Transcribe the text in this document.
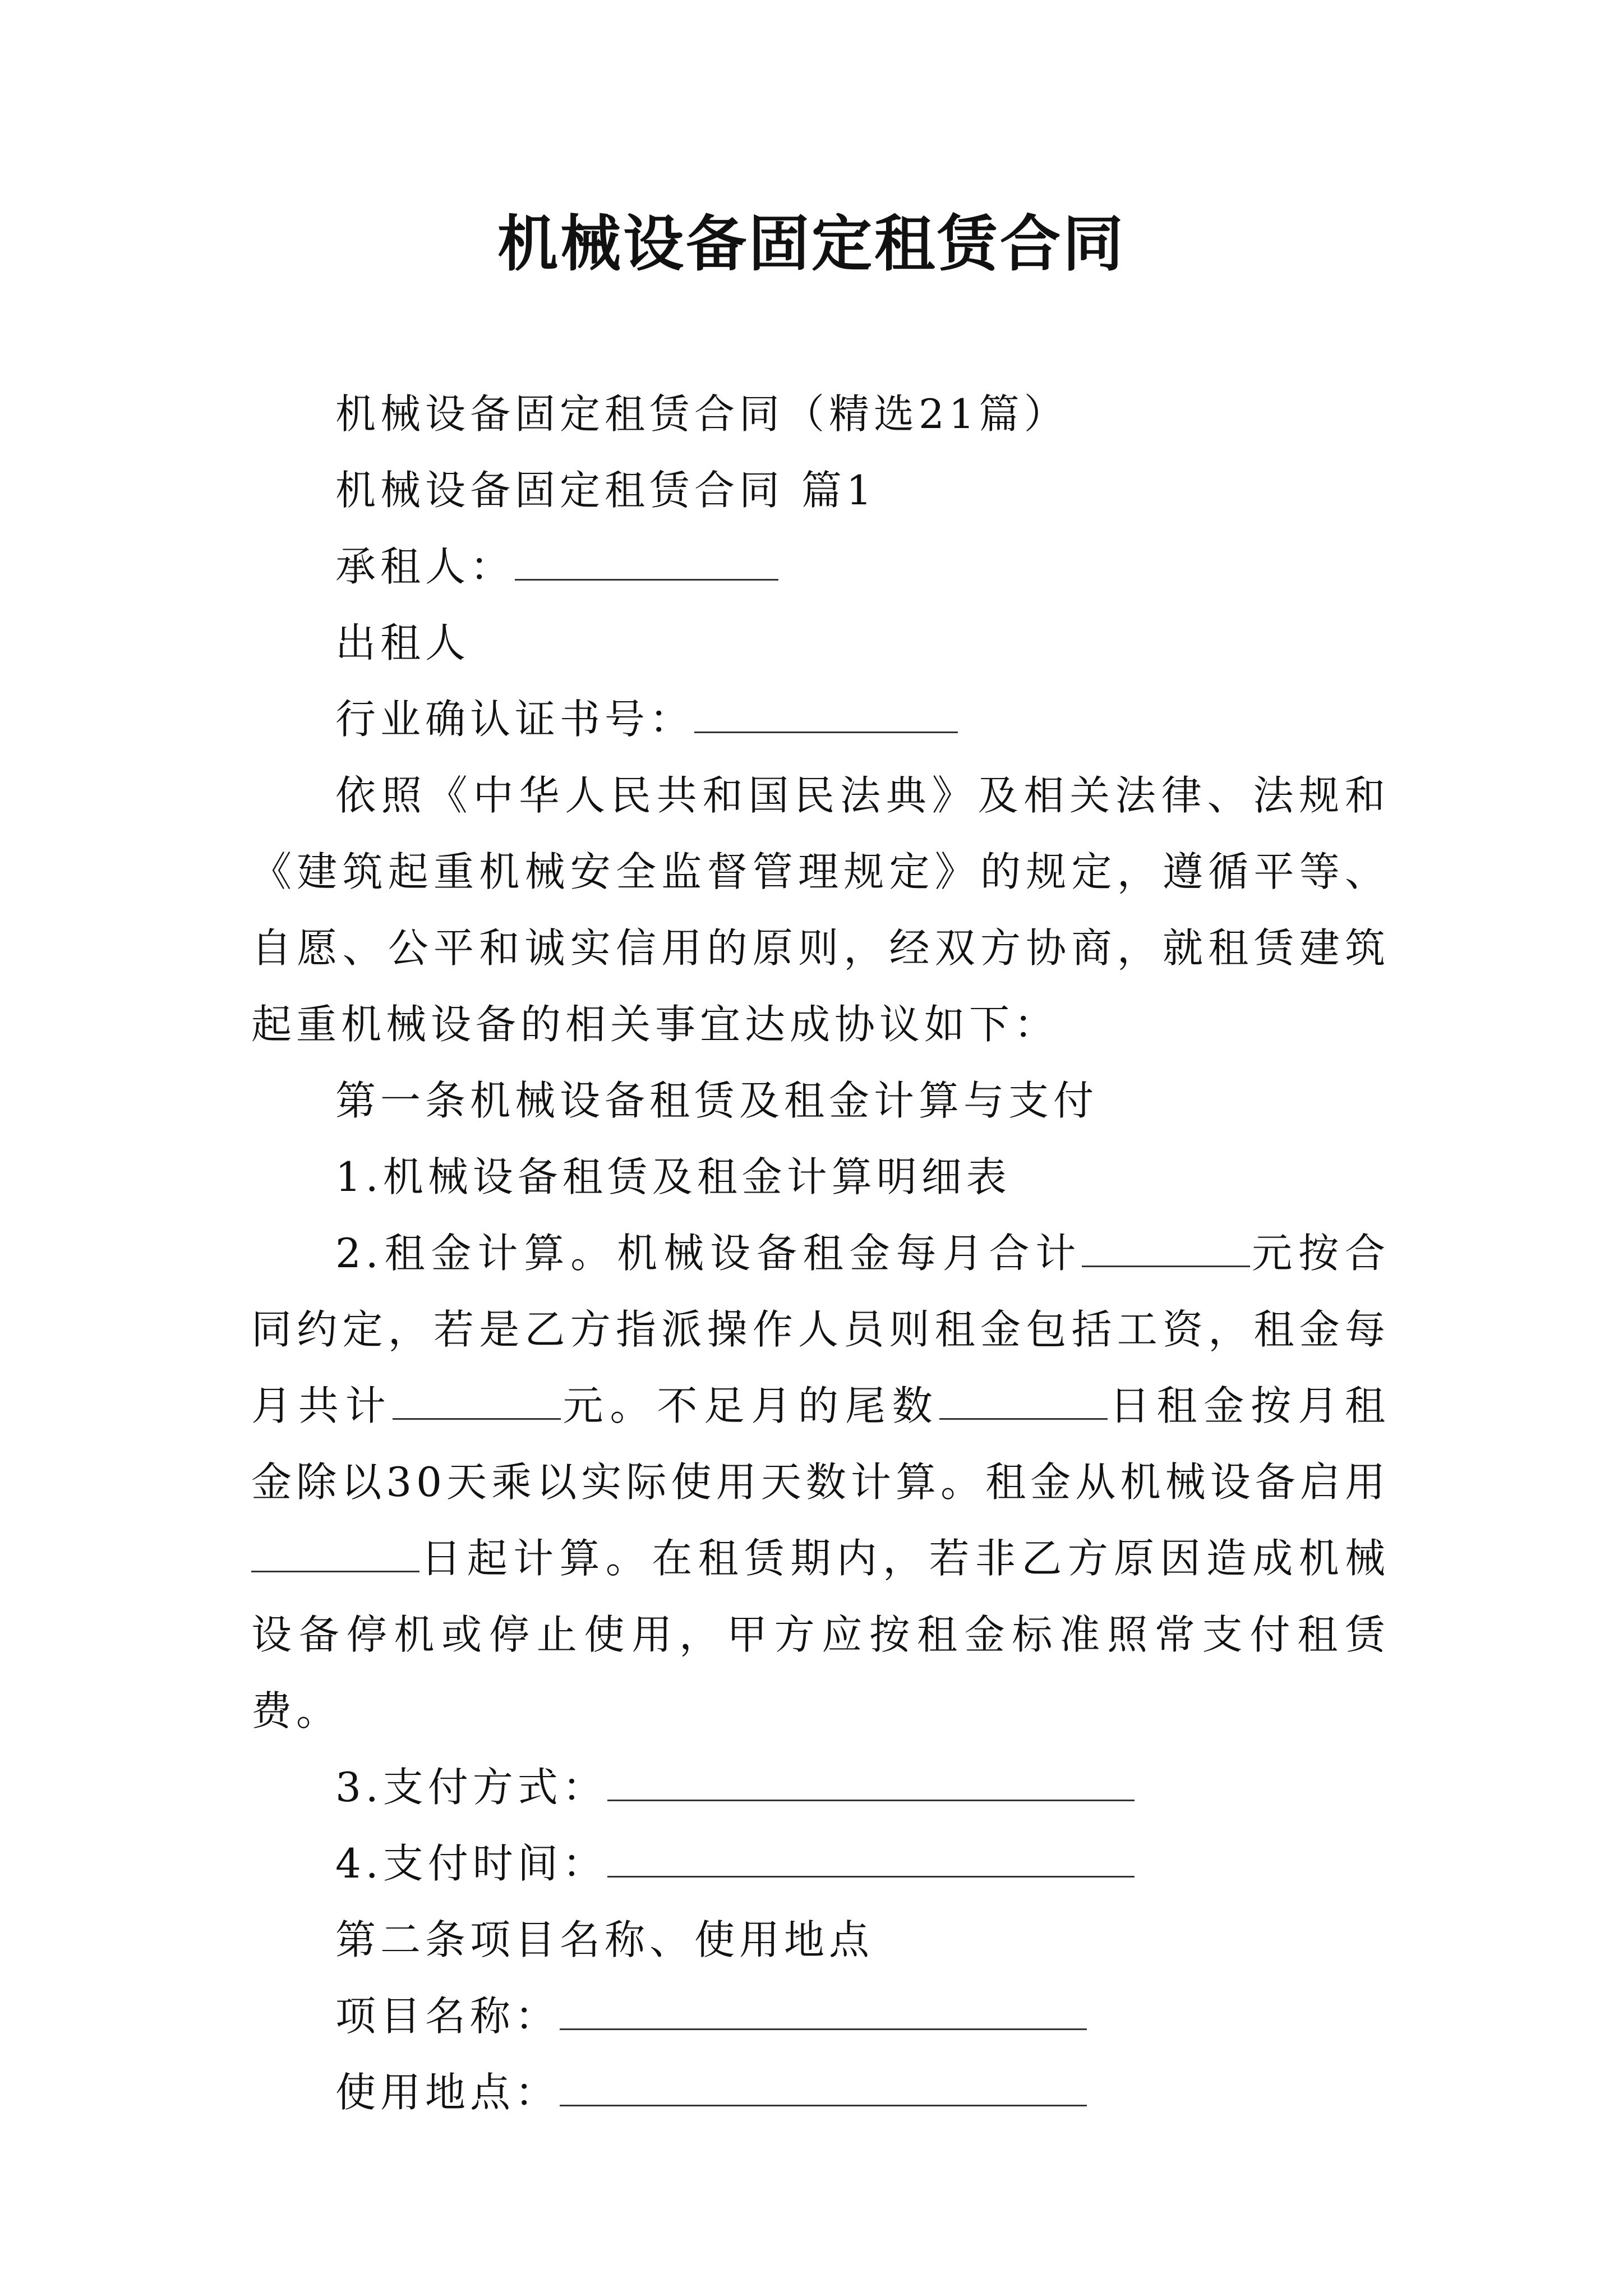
机械设备固定租赁合同
机械设备固定租赁合同（精选21篇）
机械设备固定租赁合同 篇1
承租人：
出租人
行业确认证书号：

依照《中华人民共和国民法典》及相关法律、法规和《建筑起重机械安全监督管理规定》的规定，遵循平等、自愿、公平和诚实信用的原则，经双方协商，就租赁建筑起重机械设备的相关事宜达成协议如下：

第一条机械设备租赁及租金计算与支付
1.机械设备租赁及租金计算明细表

2.租金计算。机械设备租金每月合计	元按合同约定，若是乙方指派操作人员则租金包括工资，租金每月共计	元。不足月的尾数	日租金按月租金除以30天乘以实际使用天数计算。租金从机械设备启用日起计算。在租赁期内，若非乙方原因造成机械设备停机或停止使用，甲方应按租金标准照常支付租赁费。

3.支付方式：
4.支付时间：
第二条项目名称、使用地点
项目名称：
使用地点：
